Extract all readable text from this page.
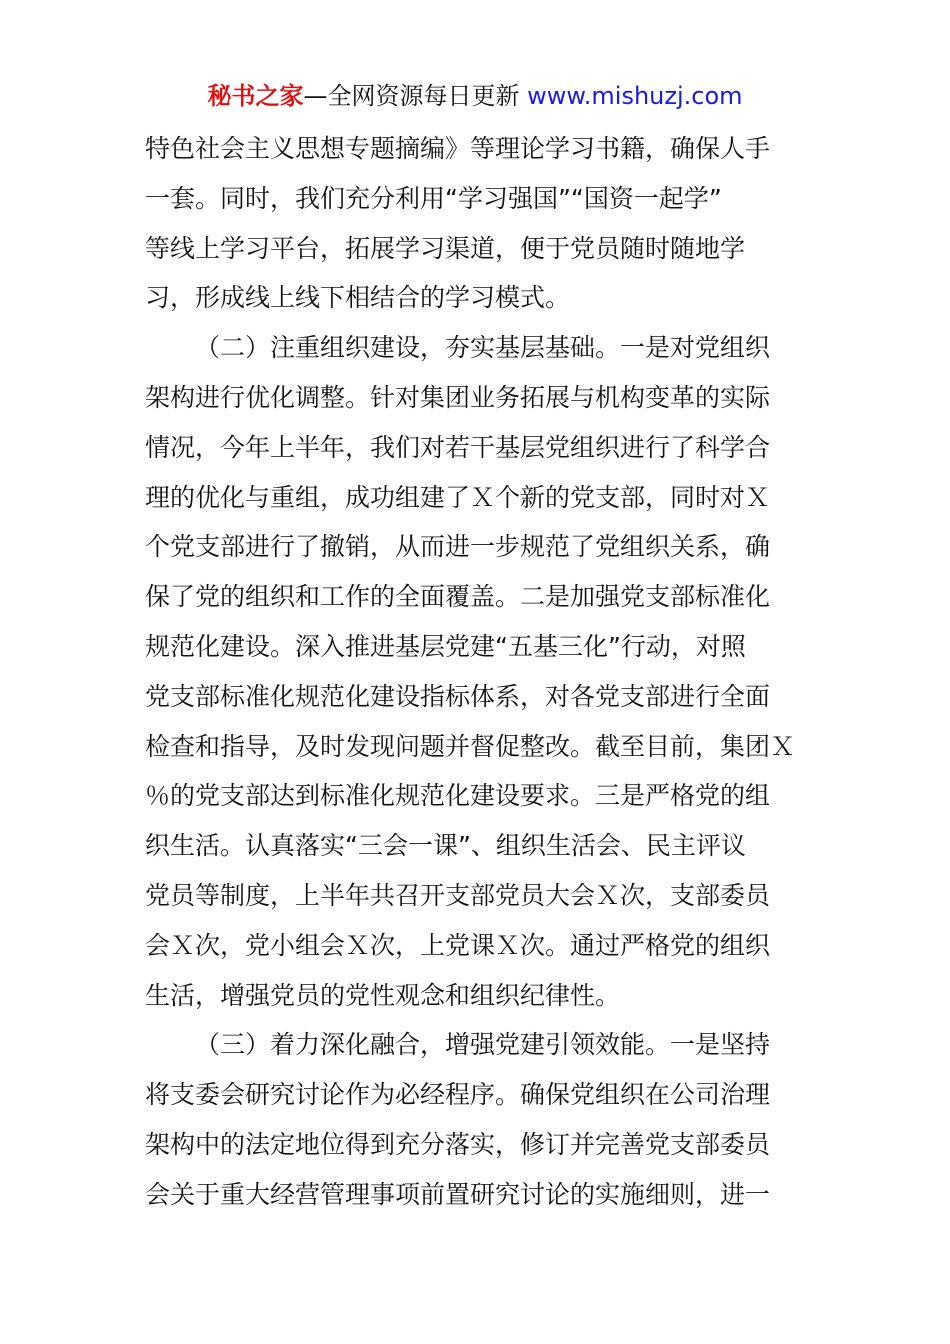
秘书之家—全网资源每日更新 www.mishuzj.com
特色社会主义思想专题摘编》等理论学习书籍，确保人手
一套。同时，我们充分利用“学习强国”“国资一起学”
等线上学习平台，拓展学习渠道，便于党员随时随地学
习，形成线上线下相结合的学习模式。
（二）注重组织建设，夯实基层基础。一是对党组织
架构进行优化调整。针对集团业务拓展与机构变革的实际
情况，今年上半年，我们对若干基层党组织进行了科学合
理的优化与重组，成功组建了Ｘ个新的党支部，同时对Ｘ
个党支部进行了撤销，从而进一步规范了党组织关系，确
保了党的组织和工作的全面覆盖。二是加强党支部标准化
规范化建设。深入推进基层党建“五基三化”行动，对照
党支部标准化规范化建设指标体系，对各党支部进行全面
检查和指导，及时发现问题并督促整改。截至目前，集团Ｘ
％的党支部达到标准化规范化建设要求。三是严格党的组
织生活。认真落实“三会一课”、组织生活会、民主评议
党员等制度，上半年共召开支部党员大会Ｘ次，支部委员
会Ｘ次，党小组会Ｘ次，上党课Ｘ次。通过严格党的组织
生活，增强党员的党性观念和组织纪律性。
（三）着力深化融合，增强党建引领效能。一是坚持
将支委会研究讨论作为必经程序。确保党组织在公司治理
架构中的法定地位得到充分落实，修订并完善党支部委员
会关于重大经营管理事项前置研究讨论的实施细则，进一
